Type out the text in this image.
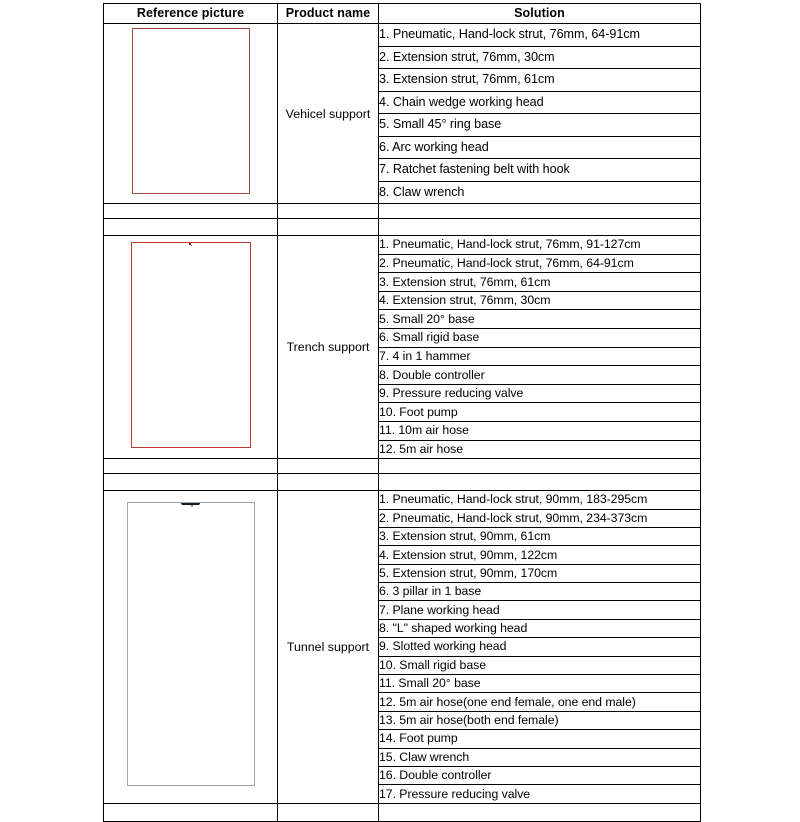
Reference picture	Product name	Solution

	Vehicel support	1. Pneumatic, Hand-lock strut, 76mm, 64-91cm
		2. Extension strut, 76mm, 30cm
		3. Extension strut, 76mm, 61cm
		4. Chain wedge working head
		5. Small 45° ring base
		6. Arc working head
		7. Ratchet fastening belt with hook
		8. Claw wrench

	Trench support	1. Pneumatic, Hand-lock strut, 76mm, 91-127cm
		2. Pneumatic, Hand-lock strut, 76mm, 64-91cm
		3. Extension strut, 76mm, 61cm
		4. Extension strut, 76mm, 30cm
		5. Small 20° base
		6. Small rigid base
		7. 4 in 1 hammer
		8. Double controller
		9. Pressure reducing valve
		10. Foot pump
		11. 10m air hose
		12. 5m air hose

	Tunnel support	1. Pneumatic, Hand-lock strut, 90mm, 183-295cm
		2. Pneumatic, Hand-lock strut, 90mm, 234-373cm
		3. Extension strut, 90mm, 61cm
		4. Extension strut, 90mm, 122cm
		5. Extension strut, 90mm, 170cm
		6. 3 pillar in 1 base
		7. Plane working head
		8. "L" shaped working head
		9. Slotted working head
		10. Small rigid base
		11. Small 20° base
		12. 5m air hose(one end female, one end male)
		13. 5m air hose(both end female)
		14. Foot pump
		15. Claw wrench
		16. Double controller
		17. Pressure reducing valve
